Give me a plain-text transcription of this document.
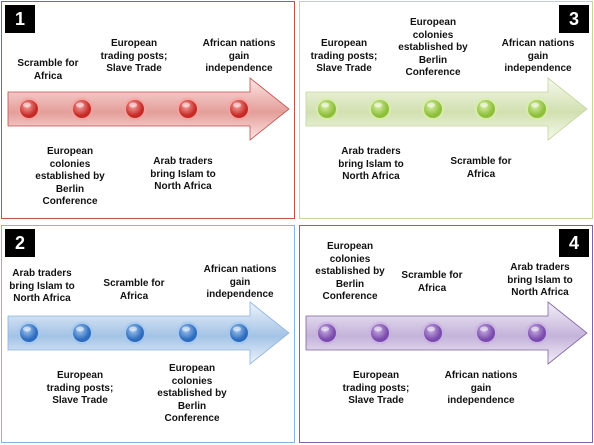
1
Scramble for
Africa
European
trading posts;
Slave Trade
African nations
gain
independence
European
colonies
established by
Berlin
Conference
Arab traders
bring Islam to
North Africa
3
European
trading posts;
Slave Trade
European
colonies
established by
Berlin
Conference
African nations
gain
independence
Arab traders
bring Islam to
North Africa
Scramble for
Africa
2
Arab traders
bring Islam to
North Africa
Scramble for
Africa
African nations
gain
independence
European
trading posts;
Slave Trade
European
colonies
established by
Berlin
Conference
4
European
colonies
established by
Berlin
Conference
Scramble for
Africa
Arab traders
bring Islam to
North Africa
European
trading posts;
Slave Trade
African nations
gain
independence
